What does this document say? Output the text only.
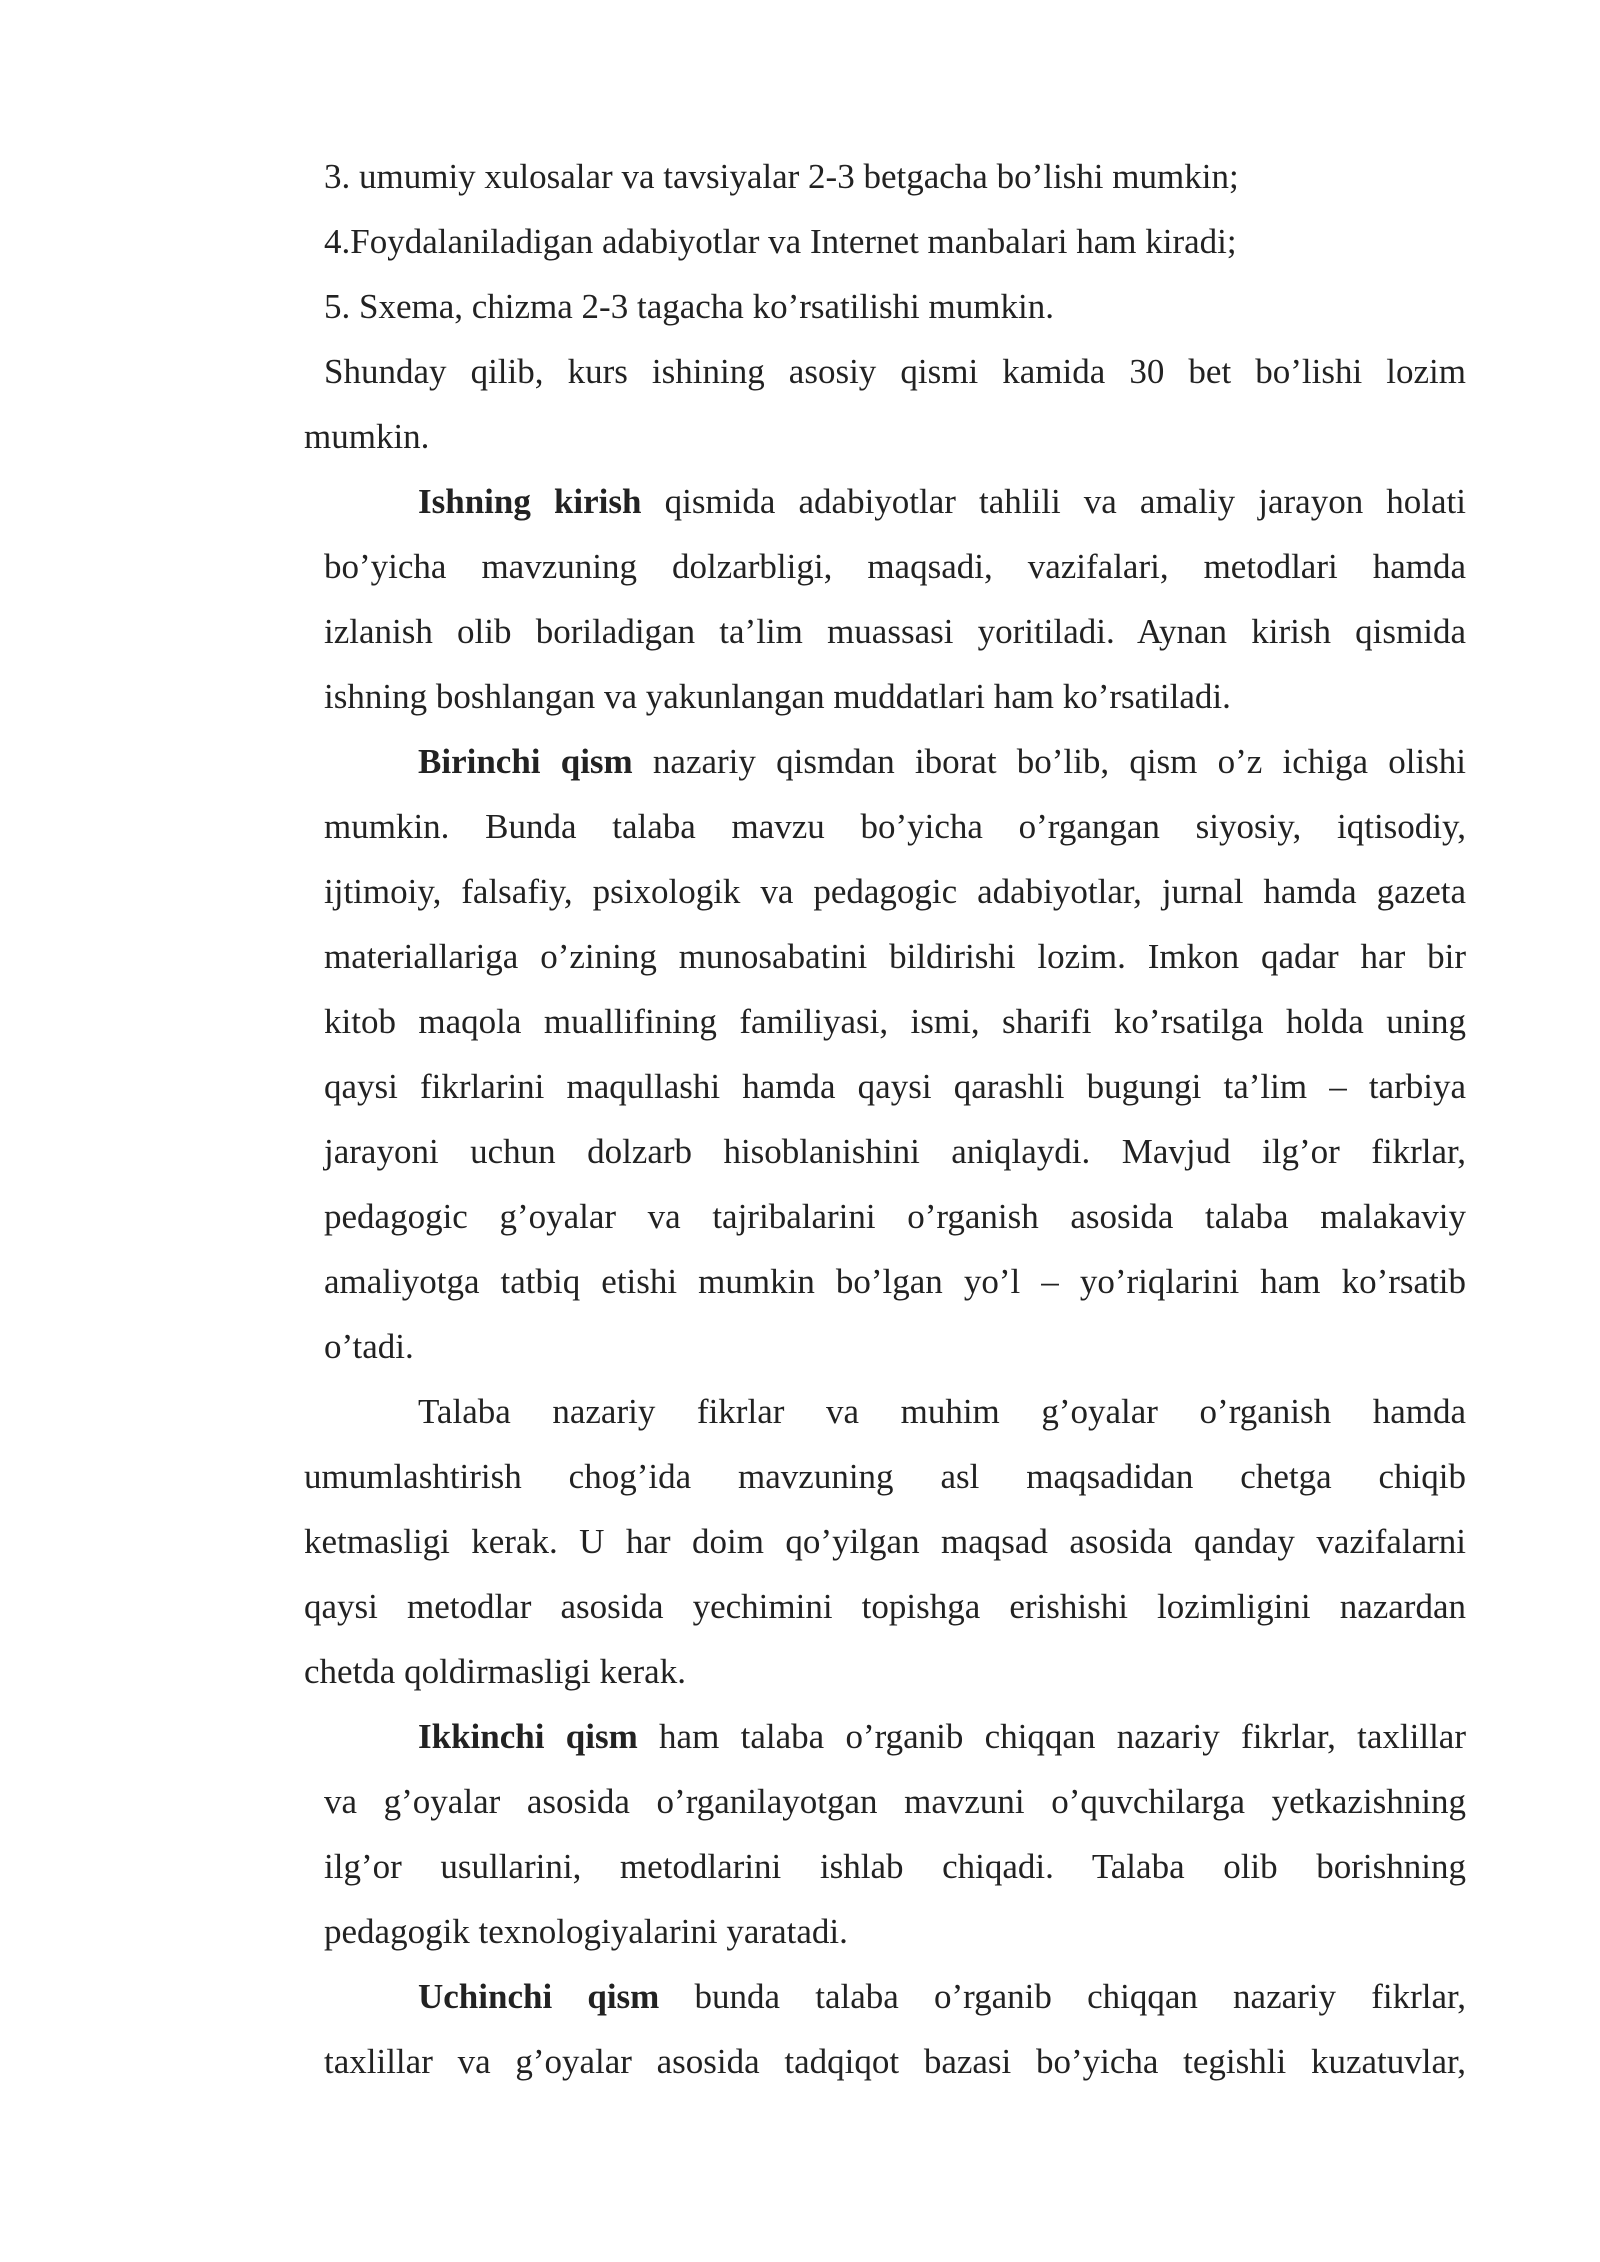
3. umumiy xulosalar va tavsiyalar 2-3 betgacha bo’lishi mumkin;
4.Foydalaniladigan adabiyotlar va Internet manbalari ham kiradi;
5. Sxema, chizma 2-3 tagacha ko’rsatilishi mumkin.
Shunday qilib, kurs ishining asosiy qismi kamida 30 bet bo’lishi lozim
mumkin.
Ishning kirish qismida adabiyotlar tahlili va amaliy jarayon holati
bo’yicha mavzuning dolzarbligi, maqsadi, vazifalari, metodlari hamda
izlanish olib boriladigan ta’lim muassasi yoritiladi. Aynan kirish qismida
ishning boshlangan va yakunlangan muddatlari ham ko’rsatiladi.
Birinchi qism nazariy qismdan iborat bo’lib, qism o’z ichiga olishi
mumkin. Bunda talaba mavzu bo’yicha o’rgangan siyosiy, iqtisodiy,
ijtimoiy, falsafiy, psixologik va pedagogic adabiyotlar, jurnal hamda gazeta
materiallariga o’zining munosabatini bildirishi lozim. Imkon qadar har bir
kitob maqola muallifining familiyasi, ismi, sharifi ko’rsatilga holda uning
qaysi fikrlarini maqullashi hamda qaysi qarashli bugungi ta’lim – tarbiya
jarayoni uchun dolzarb hisoblanishini aniqlaydi. Mavjud ilg’or fikrlar,
pedagogic g’oyalar va tajribalarini o’rganish asosida talaba malakaviy
amaliyotga tatbiq etishi mumkin bo’lgan yo’l – yo’riqlarini ham ko’rsatib
o’tadi.
Talaba nazariy fikrlar va muhim g’oyalar o’rganish hamda
umumlashtirish chog’ida mavzuning asl maqsadidan chetga chiqib
ketmasligi kerak. U har doim qo’yilgan maqsad asosida qanday vazifalarni
qaysi metodlar asosida yechimini topishga erishishi lozimligini nazardan
chetda qoldirmasligi kerak.
Ikkinchi qism ham talaba o’rganib chiqqan nazariy fikrlar, taxlillar
va g’oyalar asosida o’rganilayotgan mavzuni o’quvchilarga yetkazishning
ilg’or usullarini, metodlarini ishlab chiqadi. Talaba olib borishning
pedagogik texnologiyalarini yaratadi.
Uchinchi qism bunda talaba o’rganib chiqqan nazariy fikrlar,
taxlillar va g’oyalar asosida tadqiqot bazasi bo’yicha tegishli kuzatuvlar,
